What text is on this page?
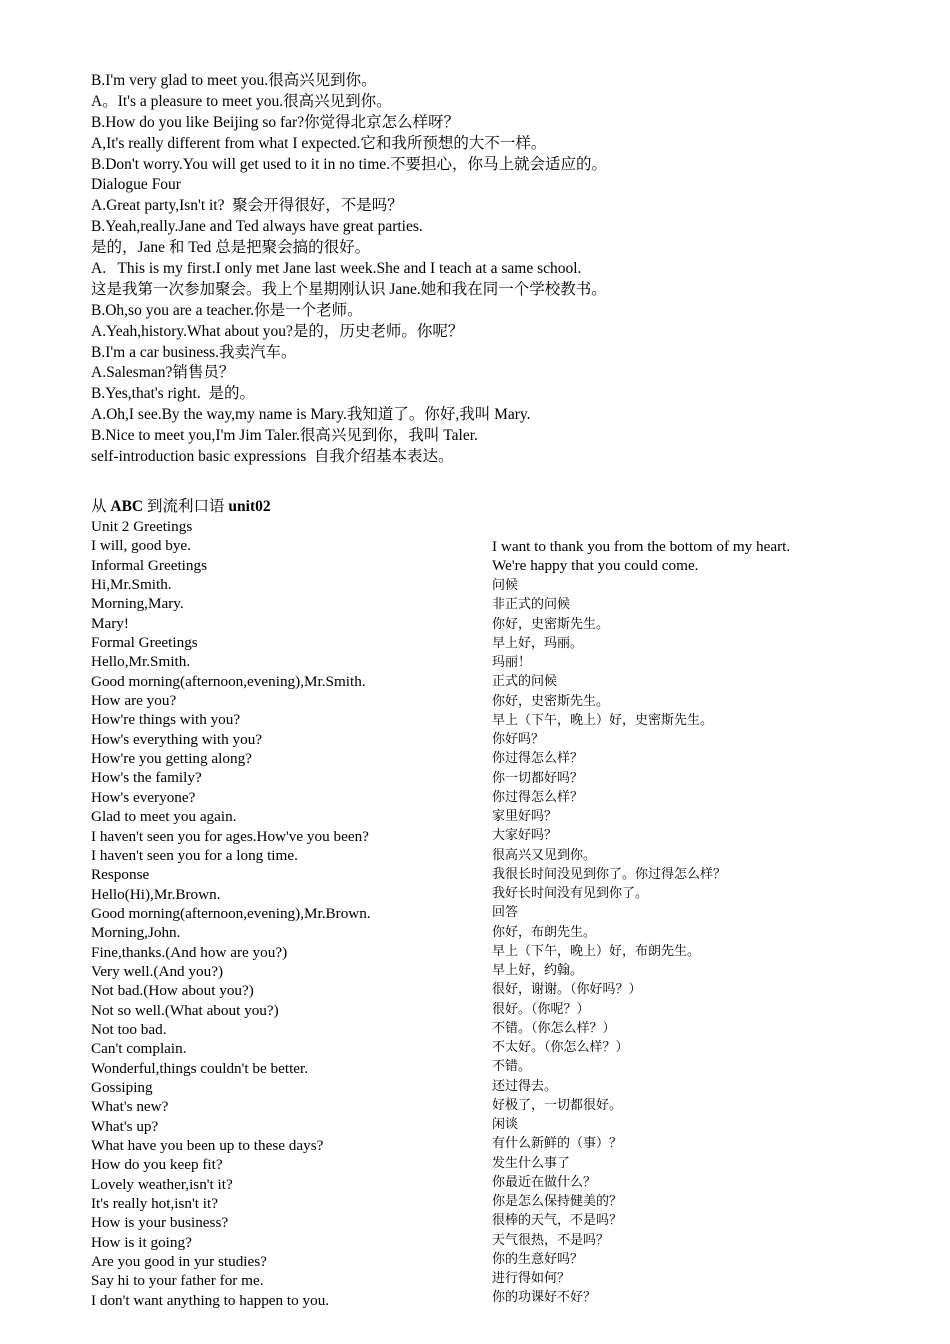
B.I'm very glad to meet you.很高兴见到你。
A。It's a pleasure to meet you.很高兴见到你。
B.How do you like Beijing so far?你觉得北京怎么样呀？
A,It's really different from what I expected.它和我所预想的大不一样。
B.Don't worry.You will get used to it in no time.不要担心，你马上就会适应的。
Dialogue Four
A.Great party,Isn't it?  聚会开得很好，不是吗？
B.Yeah,really.Jane and Ted always have great parties.
是的，Jane 和 Ted 总是把聚会搞的很好。
A.   This is my first.I only met Jane last week.She and I teach at a same school.
这是我第一次参加聚会。我上个星期刚认识 Jane.她和我在同一个学校教书。
B.Oh,so you are a teacher.你是一个老师。
A.Yeah,history.What about you?是的，历史老师。你呢？
B.I'm a car business.我卖汽车。
A.Salesman?销售员？
B.Yes,that's right.  是的。
A.Oh,I see.By the way,my name is Mary.我知道了。你好,我叫 Mary.
B.Nice to meet you,I'm Jim Taler.很高兴见到你，我叫 Taler.
self-introduction basic expressions  自我介绍基本表达。
从 ABC 到流利口语 unit02
Unit 2 Greetings
I will, good bye.
Informal Greetings
Hi,Mr.Smith.
Morning,Mary.
Mary!
Formal Greetings
Hello,Mr.Smith.
Good morning(afternoon,evening),Mr.Smith.
How are you?
How're things with you?
How's everything with you?
How're you getting along?
How's the family?
How's everyone?
Glad to meet you again.
I haven't seen you for ages.How've you been?
I haven't seen you for a long time.
Response
Hello(Hi),Mr.Brown.
Good morning(afternoon,evening),Mr.Brown.
Morning,John.
Fine,thanks.(And how are you?)
Very well.(And you?)
Not bad.(How about you?)
Not so well.(What about you?)
Not too bad.
Can't complain.
Wonderful,things couldn't be better.
Gossiping
What's new?
What's up?
What have you been up to these days?
How do you keep fit?
Lovely weather,isn't it?
It's really hot,isn't it?
How is your business?
How is it going?
Are you good in yur studies?
Say hi to your father for me.
I don't want anything to happen to you.
I want to thank you from the bottom of my heart.
We're happy that you could come.
问候
非正式的问候
你好，史密斯先生。
早上好，玛丽。
玛丽！
正式的问候
你好，史密斯先生。
早上（下午，晚上）好，史密斯先生。
你好吗？
你过得怎么样？
你一切都好吗？
你过得怎么样？
家里好吗？
大家好吗？
很高兴又见到你。
我很长时间没见到你了。你过得怎么样？
我好长时间没有见到你了。
回答
你好，布朗先生。
早上（下午，晚上）好，布朗先生。
早上好，约翰。
很好，谢谢。（你好吗？）
很好。（你呢？）
不错。（你怎么样？）
不太好。（你怎么样？）
不错。
还过得去。
好极了，一切都很好。
闲谈
有什么新鲜的（事）？
发生什么事了
你最近在做什么？
你是怎么保持健美的？
很棒的天气，不是吗？
天气很热，不是吗？
你的生意好吗？
进行得如何？
你的功课好不好？
